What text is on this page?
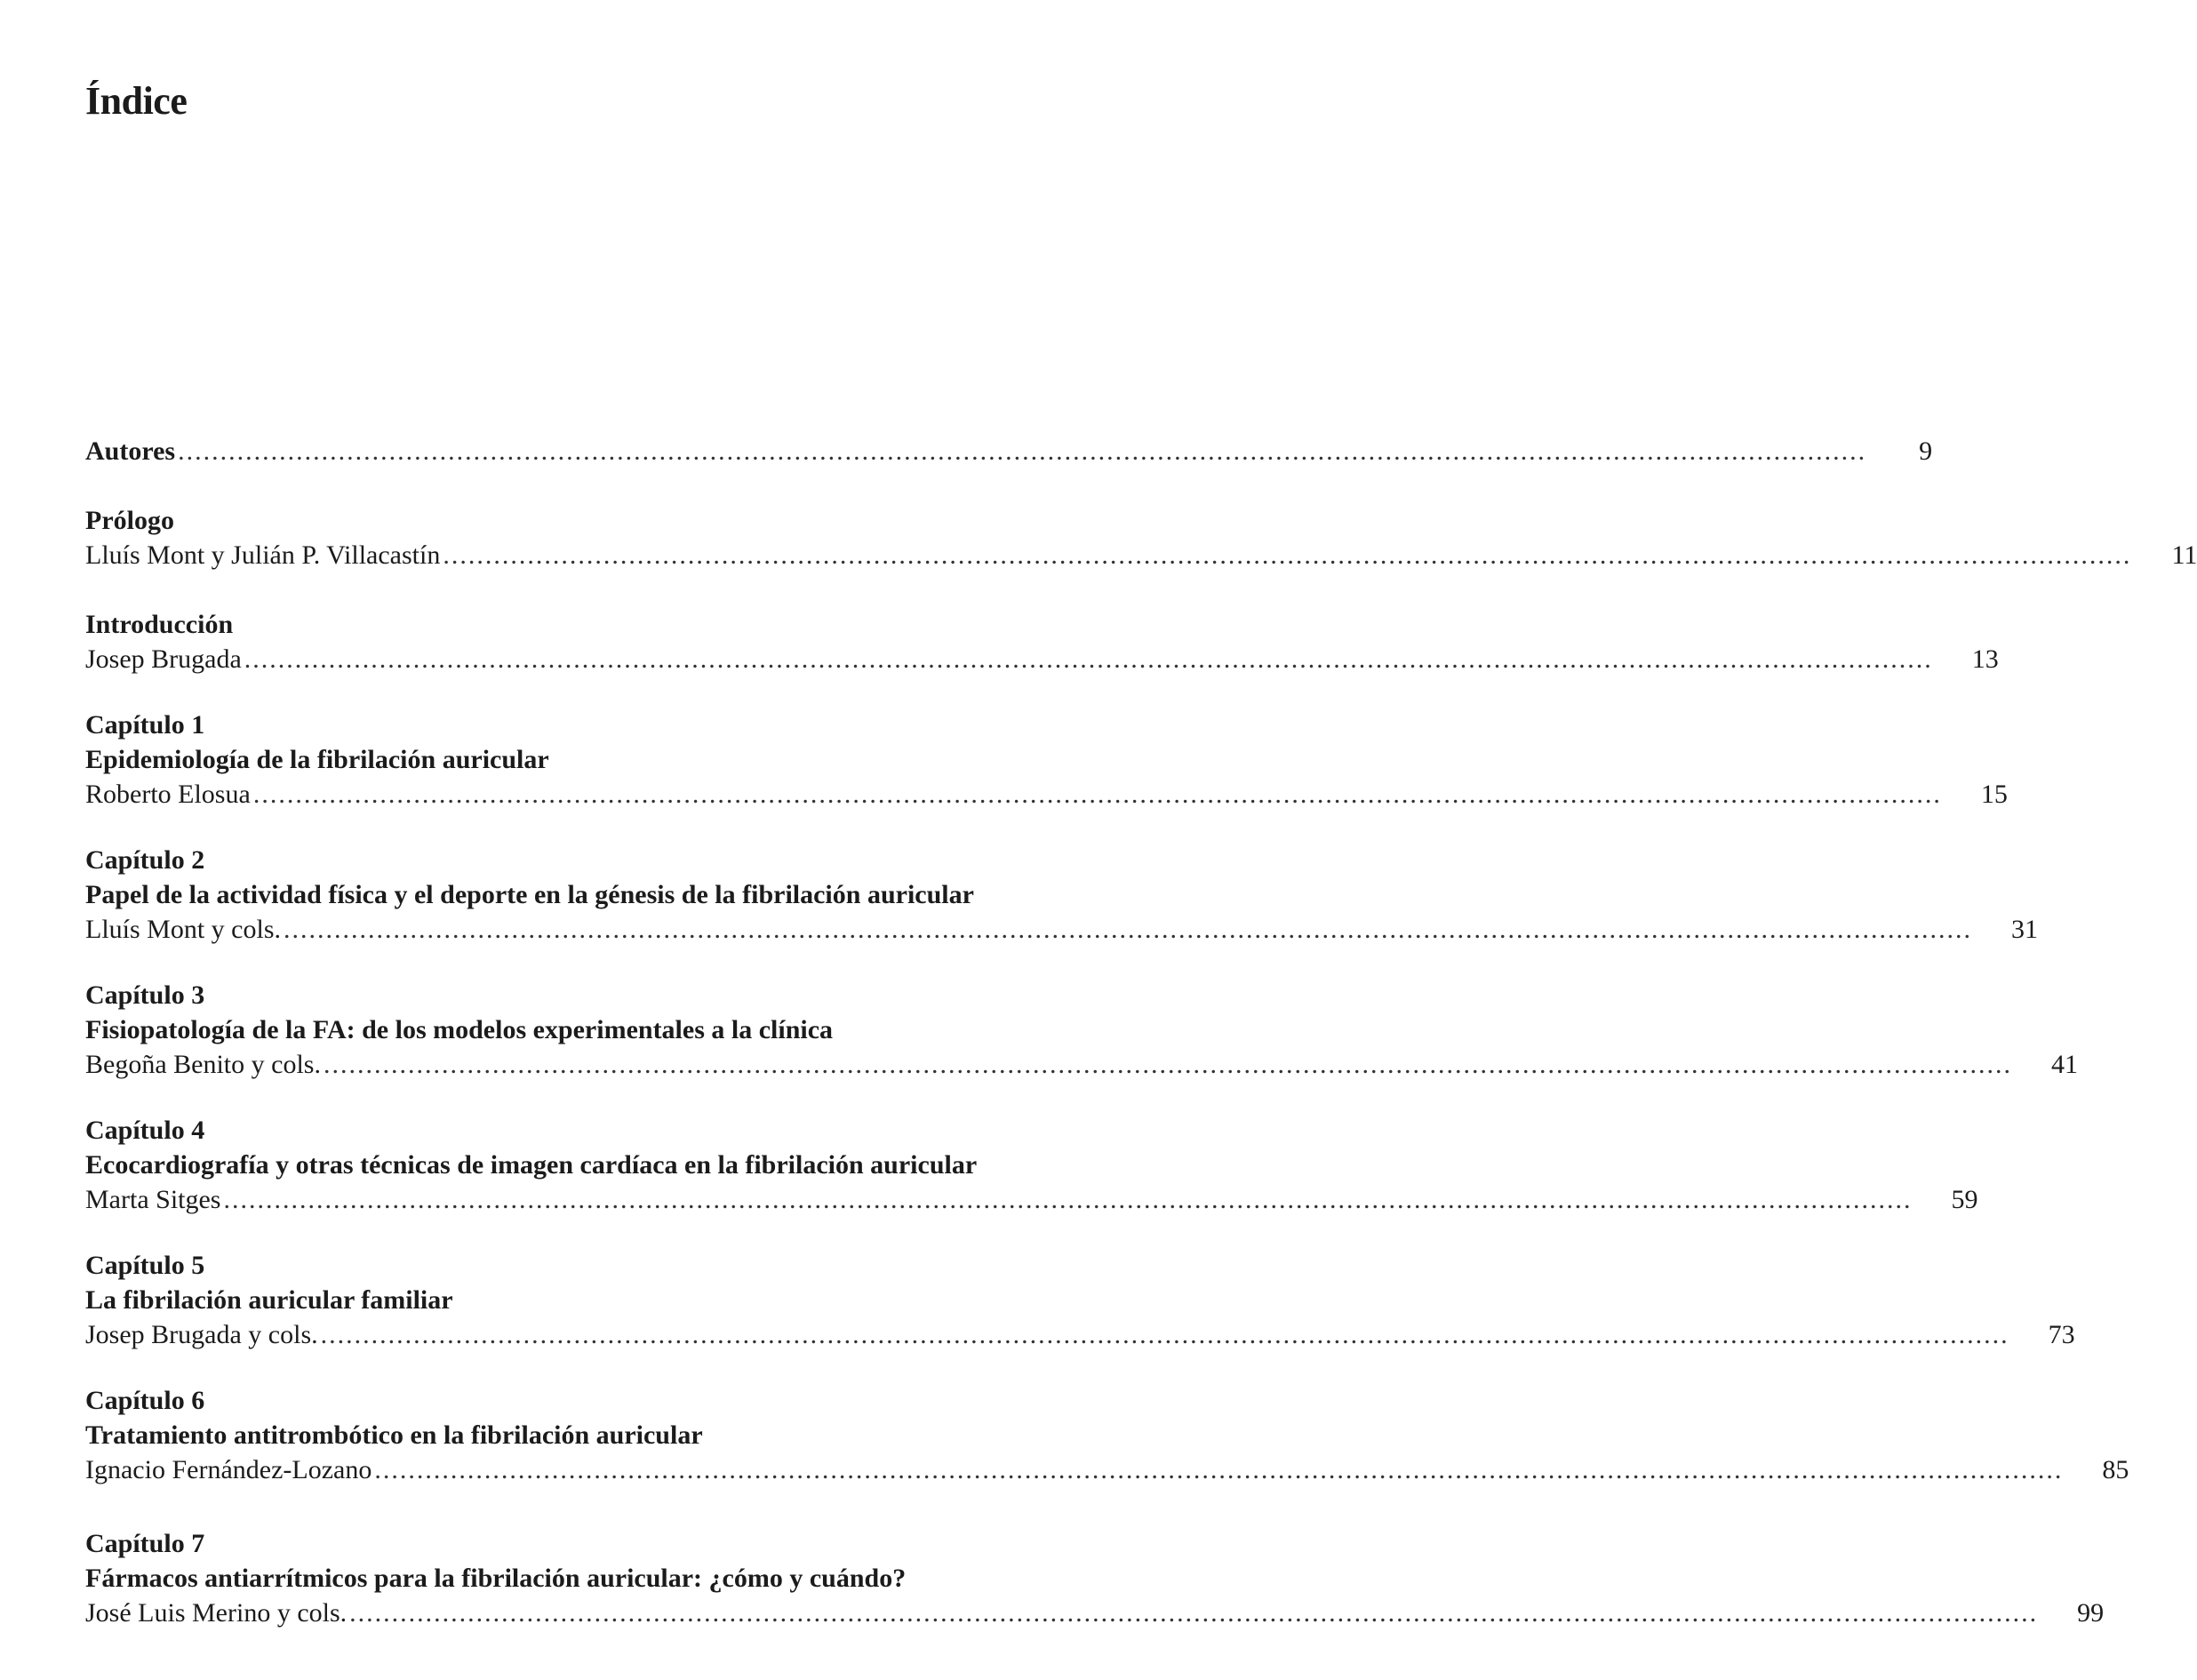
Índice
Autores ........................................................................................................................................................................................................	9
Prólogo
Lluís Mont y Julián P. Villacastín ........................................................................................................................................................................................................ 11
Introducción
Josep Brugada ........................................................................................................................................................................................................ 13
Capítulo 1
Epidemiología de la fibrilación auricular
Roberto Elosua ........................................................................................................................................................................................................ 15
Capítulo 2
Papel de la actividad física y el deporte en la génesis de la fibrilación auricular
Lluís Mont y cols. ........................................................................................................................................................................................................ 31
Capítulo 3
Fisiopatología de la FA: de los modelos experimentales a la clínica
Begoña Benito y cols. ........................................................................................................................................................................................................ 41
Capítulo 4
Ecocardiografía y otras técnicas de imagen cardíaca en la fibrilación auricular
Marta Sitges ........................................................................................................................................................................................................ 59
Capítulo 5
La fibrilación auricular familiar
Josep Brugada y cols. ........................................................................................................................................................................................................ 73
Capítulo 6
Tratamiento antitrombótico en la fibrilación auricular
Ignacio Fernández-Lozano ........................................................................................................................................................................................................ 85
Capítulo 7
Fármacos antiarrítmicos para la fibrilación auricular: ¿cómo y cuándo?
José Luis Merino y cols. ........................................................................................................................................................................................................ 99
